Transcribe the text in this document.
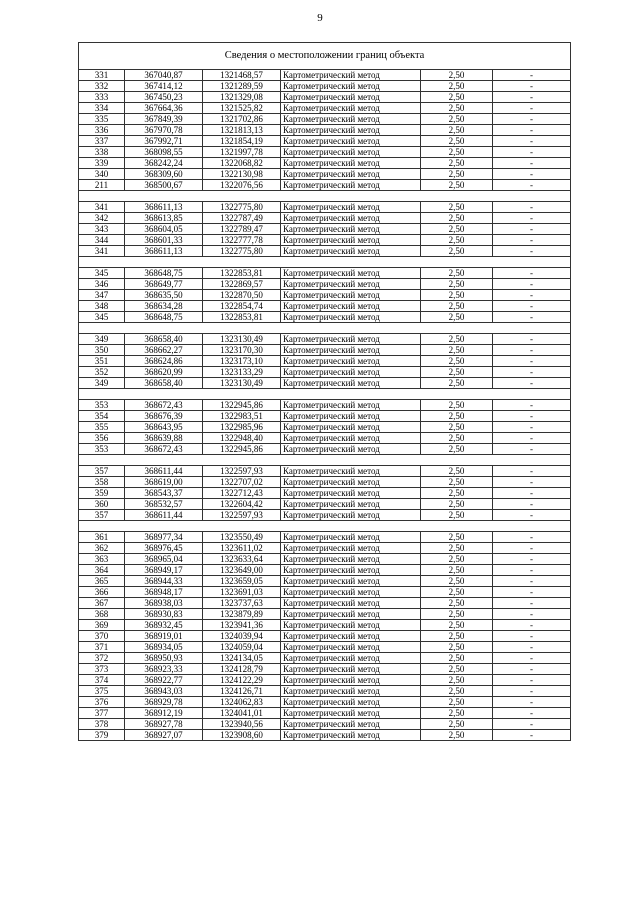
9
Сведения о местоположении границ объекта					
331	367040,87	1321468,57	Картометрический метод	2,50	-
332	367414,12	1321289,59	Картометрический метод	2,50	-
333	367450,23	1321329,08	Картометрический метод	2,50	-
334	367664,36	1321525,82	Картометрический метод	2,50	-
335	367849,39	1321702,86	Картометрический метод	2,50	-
336	367970,78	1321813,13	Картометрический метод	2,50	-
337	367992,71	1321854,19	Картометрический метод	2,50	-
338	368098,55	1321997,78	Картометрический метод	2,50	-
339	368242,24	1322068,82	Картометрический метод	2,50	-
340	368309,60	1322130,98	Картометрический метод	2,50	-
211	368500,67	1322076,56	Картометрический метод	2,50	-

341	368611,13	1322775,80	Картометрический метод	2,50	-
342	368613,85	1322787,49	Картометрический метод	2,50	-
343	368604,05	1322789,47	Картометрический метод	2,50	-
344	368601,33	1322777,78	Картометрический метод	2,50	-
341	368611,13	1322775,80	Картометрический метод	2,50	-

345	368648,75	1322853,81	Картометрический метод	2,50	-
346	368649,77	1322869,57	Картометрический метод	2,50	-
347	368635,50	1322870,50	Картометрический метод	2,50	-
348	368634,28	1322854,74	Картометрический метод	2,50	-
345	368648,75	1322853,81	Картометрический метод	2,50	-

349	368658,40	1323130,49	Картометрический метод	2,50	-
350	368662,27	1323170,30	Картометрический метод	2,50	-
351	368624,86	1323173,10	Картометрический метод	2,50	-
352	368620,99	1323133,29	Картометрический метод	2,50	-
349	368658,40	1323130,49	Картометрический метод	2,50	-

353	368672,43	1322945,86	Картометрический метод	2,50	-
354	368676,39	1322983,51	Картометрический метод	2,50	-
355	368643,95	1322985,96	Картометрический метод	2,50	-
356	368639,88	1322948,40	Картометрический метод	2,50	-
353	368672,43	1322945,86	Картометрический метод	2,50	-

357	368611,44	1322597,93	Картометрический метод	2,50	-
358	368619,00	1322707,02	Картометрический метод	2,50	-
359	368543,37	1322712,43	Картометрический метод	2,50	-
360	368532,57	1322604,42	Картометрический метод	2,50	-
357	368611,44	1322597,93	Картометрический метод	2,50	-

361	368977,34	1323550,49	Картометрический метод	2,50	-
362	368976,45	1323611,02	Картометрический метод	2,50	-
363	368965,04	1323633,64	Картометрический метод	2,50	-
364	368949,17	1323649,00	Картометрический метод	2,50	-
365	368944,33	1323659,05	Картометрический метод	2,50	-
366	368948,17	1323691,03	Картометрический метод	2,50	-
367	368938,03	1323737,63	Картометрический метод	2,50	-
368	368930,83	1323879,89	Картометрический метод	2,50	-
369	368932,45	1323941,36	Картометрический метод	2,50	-
370	368919,01	1324039,94	Картометрический метод	2,50	-
371	368934,05	1324059,04	Картометрический метод	2,50	-
372	368950,93	1324134,05	Картометрический метод	2,50	-
373	368923,33	1324128,79	Картометрический метод	2,50	-
374	368922,77	1324122,29	Картометрический метод	2,50	-
375	368943,03	1324126,71	Картометрический метод	2,50	-
376	368929,78	1324062,83	Картометрический метод	2,50	-
377	368912,19	1324041,01	Картометрический метод	2,50	-
378	368927,78	1323940,56	Картометрический метод	2,50	-
379	368927,07	1323908,60	Картометрический метод	2,50	-
